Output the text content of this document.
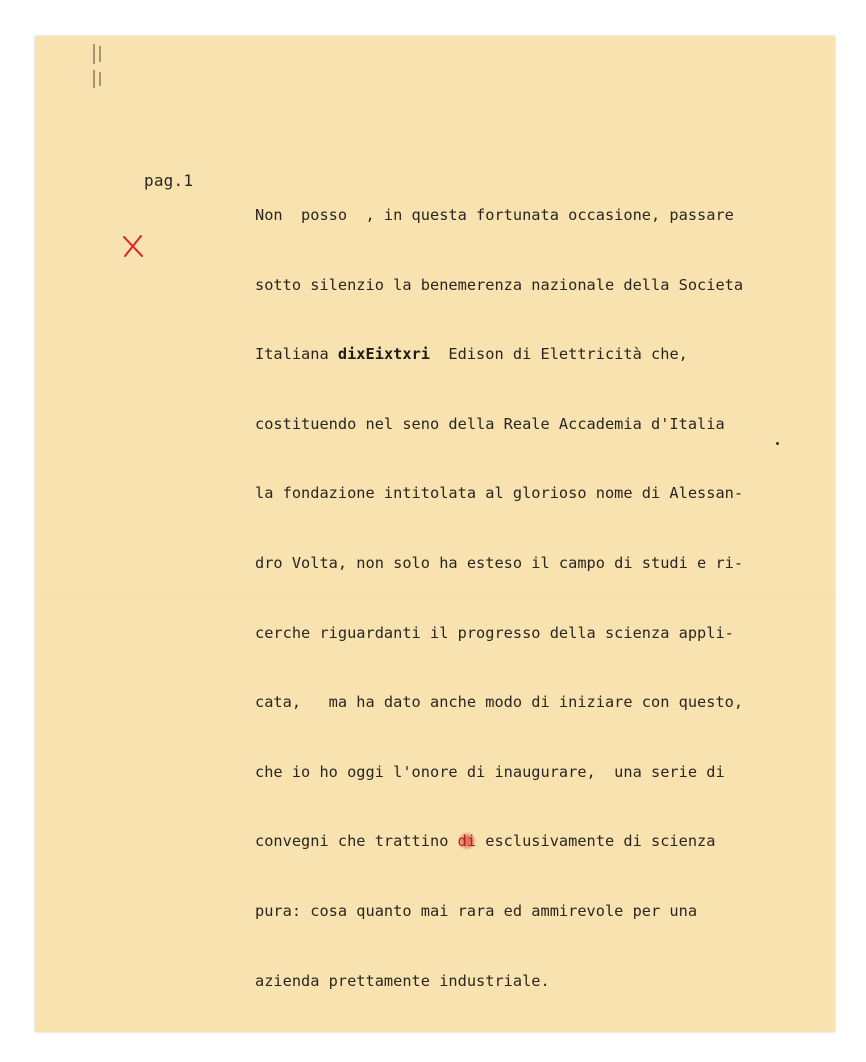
pag.1

Non  posso  , in questa fortunata occasione, passare

sotto silenzio la benemerenza nazionale della Societa

Italiana dixEixtxri  Edison di Elettricità che,

costituendo nel seno della Reale Accademia d'Italia

la fondazione intitolata al glorioso nome di Alessan-

dro Volta, non solo ha esteso il campo di studi e ri-

cerche riguardanti il progresso della scienza appli-

cata,   ma ha dato anche modo di iniziare con questo,

che io ho oggi l'onore di inaugurare,  una serie di

convegni che trattino di esclusivamente di scienza

pura: cosa quanto mai rara ed ammirevole per una

azienda prettamente industriale.
